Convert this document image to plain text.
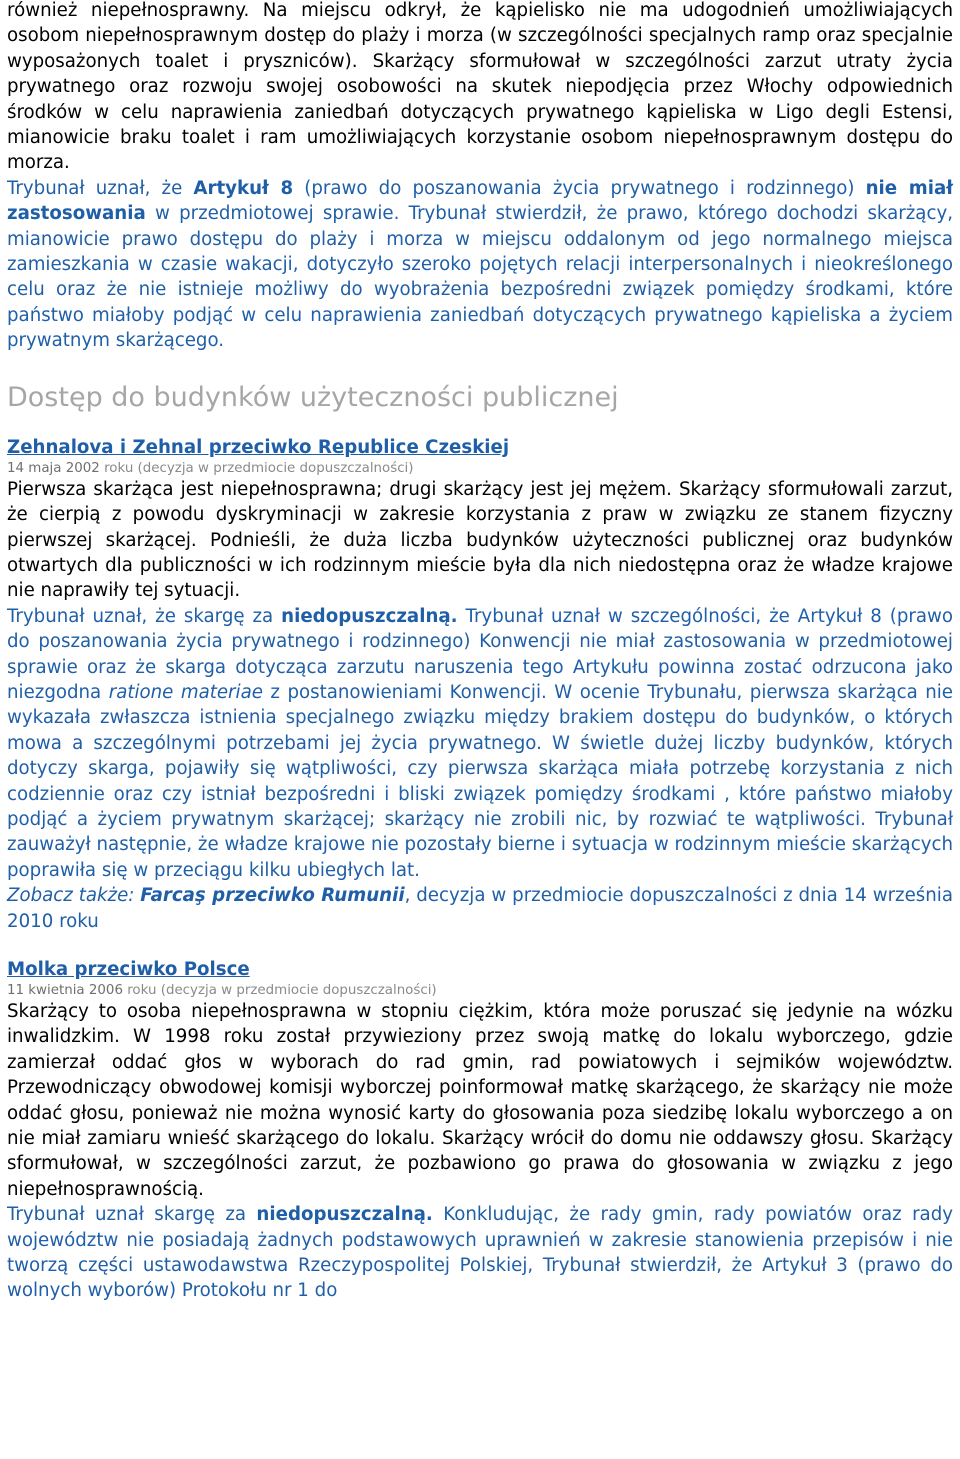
również niepełnosprawny. Na miejscu odkrył, że kąpielisko nie ma udogodnień umożliwiających osobom niepełnosprawnym dostęp do plaży i morza (w szczególności specjalnych ramp oraz specjalnie wyposażonych toalet i pryszniców). Skarżący sformułował w szczególności zarzut utraty życia prywatnego oraz rozwoju swojej osobowości na skutek niepodjęcia przez Włochy odpowiednich środków w celu naprawienia zaniedbań dotyczących prywatnego kąpieliska w Ligo degli Estensi, mianowicie braku toalet i ram umożliwiających korzystanie osobom niepełnosprawnym dostępu do morza.

Trybunał uznał, że Artykuł 8 (prawo do poszanowania życia prywatnego i rodzinnego) nie miał zastosowania w przedmiotowej sprawie. Trybunał stwierdził, że prawo, którego dochodzi skarżący, mianowicie prawo dostępu do plaży i morza w miejscu oddalonym od jego normalnego miejsca zamieszkania w czasie wakacji, dotyczyło szeroko pojętych relacji interpersonalnych i nieokreślonego celu oraz że nie istnieje możliwy do wyobrażenia bezpośredni związek pomiędzy środkami, które państwo miałoby podjąć w celu naprawienia zaniedbań dotyczących prywatnego kąpieliska a życiem prywatnym skarżącego.

Dostęp do budynków użyteczności publicznej
Zehnalova i Zehnal przeciwko Republice Czeskiej

14 maja 2002 roku (decyzja w przedmiocie dopuszczalności)

Pierwsza skarżąca jest niepełnosprawna; drugi skarżący jest jej mężem. Skarżący sformułowali zarzut, że cierpią z powodu dyskryminacji w zakresie korzystania z praw w związku ze stanem fizyczny pierwszej skarżącej. Podnieśli, że duża liczba budynków użyteczności publicznej oraz budynków otwartych dla publiczności w ich rodzinnym mieście była dla nich niedostępna oraz że władze krajowe nie naprawiły tej sytuacji.

Trybunał uznał, że skargę za niedopuszczalną. Trybunał uznał w szczególności, że Artykuł 8 (prawo do poszanowania życia prywatnego i rodzinnego) Konwencji nie miał zastosowania w przedmiotowej sprawie oraz że skarga dotycząca zarzutu naruszenia tego Artykułu powinna zostać odrzucona jako niezgodna ratione materiae z postanowieniami Konwencji. W ocenie Trybunału, pierwsza skarżąca nie wykazała zwłaszcza istnienia specjalnego związku między brakiem dostępu do budynków, o których mowa a szczególnymi potrzebami jej życia prywatnego. W świetle dużej liczby budynków, których dotyczy skarga, pojawiły się wątpliwości, czy pierwsza skarżąca miała potrzebę korzystania z nich codziennie oraz czy istniał bezpośredni i bliski związek pomiędzy środkami , które państwo miałoby podjąć a życiem prywatnym skarżącej; skarżący nie zrobili nic, by rozwiać te wątpliwości. Trybunał zauważył następnie, że władze krajowe nie pozostały bierne i sytuacja w rodzinnym mieście skarżących poprawiła się w przeciągu kilku ubiegłych lat.

Zobacz także: Farcaş przeciwko Rumunii, decyzja w przedmiocie dopuszczalności z dnia 14 września 2010 roku

Molka przeciwko Polsce

11 kwietnia 2006 roku (decyzja w przedmiocie dopuszczalności)

Skarżący to osoba niepełnosprawna w stopniu ciężkim, która może poruszać się jedynie na wózku inwalidzkim. W 1998 roku został przywieziony przez swoją matkę do lokalu wyborczego, gdzie zamierzał oddać głos w wyborach do rad gmin, rad powiatowych i sejmików województw. Przewodniczący obwodowej komisji wyborczej poinformował matkę skarżącego, że skarżący nie może oddać głosu, ponieważ nie można wynosić karty do głosowania poza siedzibę lokalu wyborczego a on nie miał zamiaru wnieść skarżącego do lokalu. Skarżący wrócił do domu nie oddawszy głosu. Skarżący sformułował, w szczególności zarzut, że pozbawiono go prawa do głosowania w związku z jego niepełnosprawnością.

Trybunał uznał skargę za niedopuszczalną. Konkludując, że rady gmin, rady powiatów oraz rady województw nie posiadają żadnych podstawowych uprawnień w zakresie stanowienia przepisów i nie tworzą części ustawodawstwa Rzeczypospolitej Polskiej, Trybunał stwierdził, że Artykuł 3 (prawo do wolnych wyborów) Protokołu nr 1 do
